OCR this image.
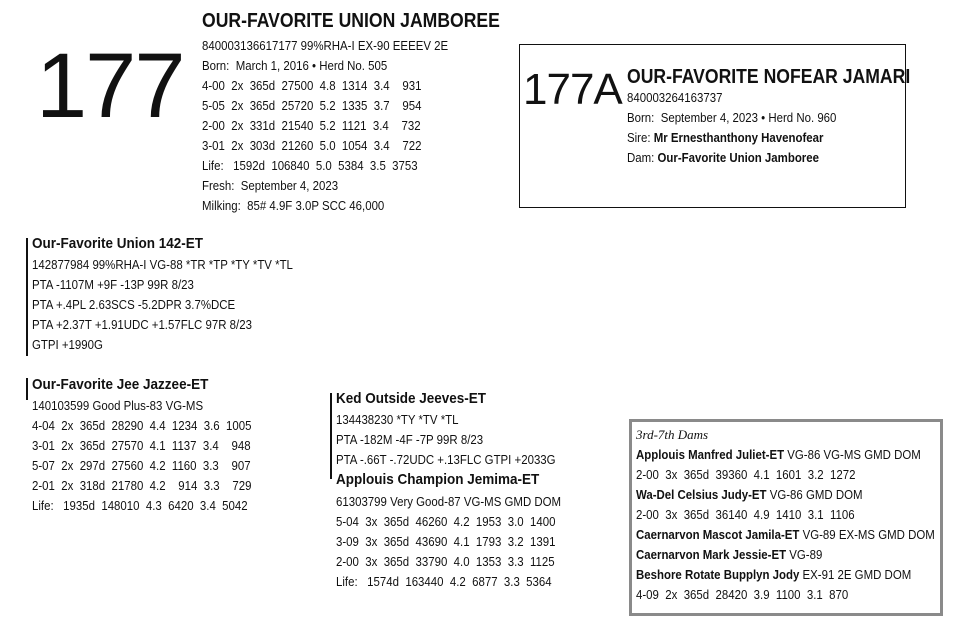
177
OUR-FAVORITE UNION JAMBOREE
840003136617177 99%RHA-I EX-90 EEEEV 2E
Born:  March 1, 2016 • Herd No. 505
4-00  2x  365d  27500  4.8  1314  3.4    931
5-05  2x  365d  25720  5.2  1335  3.7    954
2-00  2x  331d  21540  5.2  1121  3.4    732
3-01  2x  303d  21260  5.0  1054  3.4    722
Life:   1592d  106840  5.0  5384  3.5  3753
Fresh:  September 4, 2023
Milking:  85# 4.9F 3.0P SCC 46,000
177A OUR-FAVORITE NOFEAR JAMARI
840003264163737
Born:  September 4, 2023 • Herd No. 960
Sire: Mr Ernesthanthony Havenofear
Dam: Our-Favorite Union Jamboree
Our-Favorite Union 142-ET
142877984 99%RHA-I VG-88 *TR *TP *TY *TV *TL
PTA -1107M +9F -13P 99R 8/23
PTA +.4PL 2.63SCS -5.2DPR 3.7%DCE
PTA +2.37T +1.91UDC +1.57FLC 97R 8/23
GTPI +1990G
Our-Favorite Jee Jazzee-ET
140103599 Good Plus-83 VG-MS
4-04  2x  365d  28290  4.4  1234  3.6  1005
3-01  2x  365d  27570  4.1  1137  3.4    948
5-07  2x  297d  27560  4.2  1160  3.3    907
2-01  2x  318d  21780  4.2    914  3.3    729
Life:   1935d  148010  4.3  6420  3.4  5042
Ked Outside Jeeves-ET
134438230 *TY *TV *TL
PTA -182M -4F -7P 99R 8/23
PTA -.66T -.72UDC +.13FLC GTPI +2033G
Applouis Champion Jemima-ET
61303799 Very Good-87 VG-MS GMD DOM
5-04  3x  365d  46260  4.2  1953  3.0  1400
3-09  3x  365d  43690  4.1  1793  3.2  1391
2-00  3x  365d  33790  4.0  1353  3.3  1125
Life:   1574d  163440  4.2  6877  3.3  5364
3rd-7th Dams
Applouis Manfred Juliet-ET VG-86 VG-MS GMD DOM
2-00  3x  365d  39360  4.1  1601  3.2  1272
Wa-Del Celsius Judy-ET VG-86 GMD DOM
2-00  3x  365d  36140  4.9  1410  3.1  1106
Caernarvon Mascot Jamila-ET VG-89 EX-MS GMD DOM
Caernarvon Mark Jessie-ET VG-89
Beshore Rotate Bupplyn Jody EX-91 2E GMD DOM
4-09  2x  365d  28420  3.9  1100  3.1  870
